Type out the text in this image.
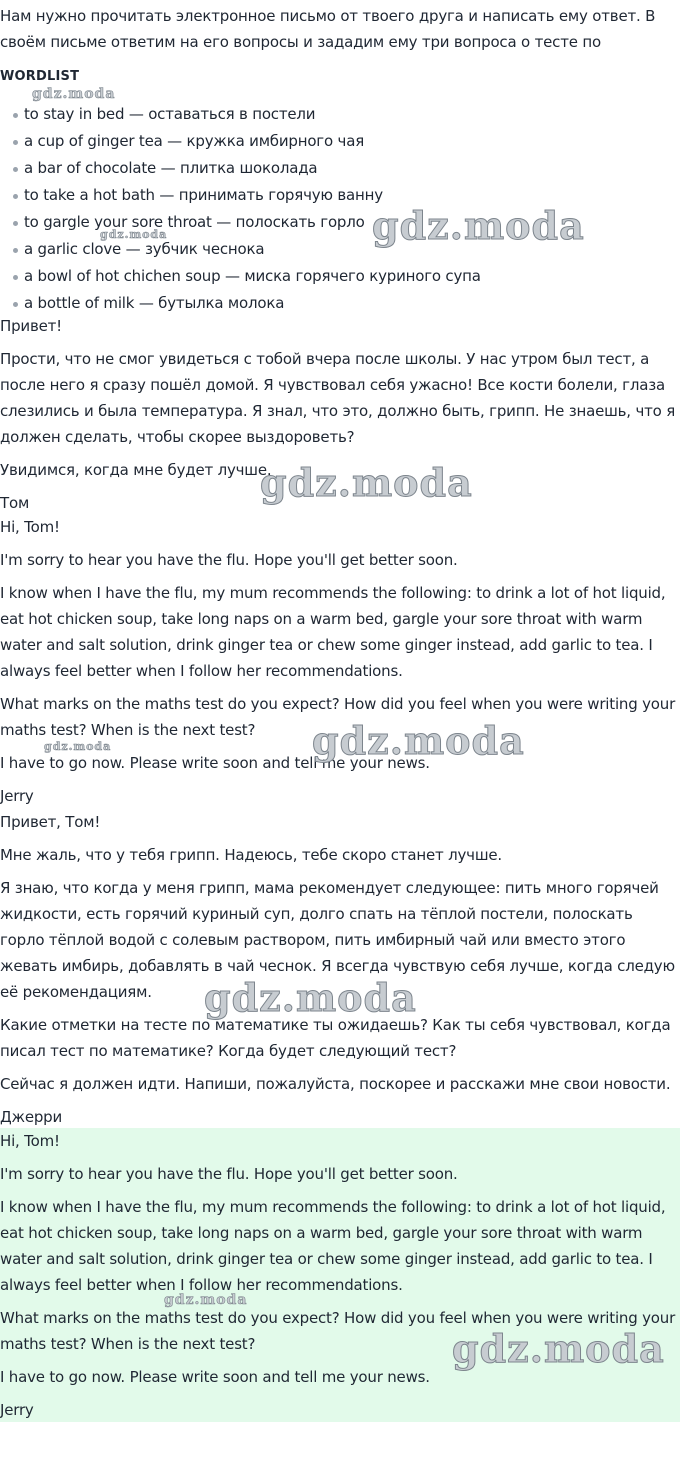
Нам нужно прочитать электронное письмо от твоего друга и написать ему ответ. В своём письме ответим на его вопросы и зададим ему три вопроса о тесте по

WORDLIST

to stay in bed — оставаться в постели
a cup of ginger tea — кружка имбирного чая
a bar of chocolate — плитка шоколада
to take a hot bath — принимать горячую ванну
to gargle your sore throat — полоскать горло
a garlic clove — зубчик чеснока
a bowl of hot chichen soup — миска горячего куриного супа
a bottle of milk — бутылка молока

Привет!

Прости, что не смог увидеться с тобой вчера после школы. У нас утром был тест, а после него я сразу пошёл домой. Я чувствовал себя ужасно! Все кости болели, глаза слезились и была температура. Я знал, что это, должно быть, грипп. Не знаешь, что я должен сделать, чтобы скорее выздороветь?

Увидимся, когда мне будет лучше.

Том

Hi, Tom!

I'm sorry to hear you have the flu. Hope you'll get better soon.

I know when I have the flu, my mum recommends the following: to drink a lot of hot liquid, eat hot chicken soup, take long naps on a warm bed, gargle your sore throat with warm water and salt solution, drink ginger tea or chew some ginger instead, add garlic to tea. I always feel better when I follow her recommendations.

What marks on the maths test do you expect? How did you feel when you were writing your maths test? When is the next test?

I have to go now. Please write soon and tell me your news.

Jerry

Привет, Том!

Мне жаль, что у тебя грипп. Надеюсь, тебе скоро станет лучше.

Я знаю, что когда у меня грипп, мама рекомендует следующее: пить много горячей жидкости, есть горячий куриный суп, долго спать на тёплой постели, полоскать горло тёплой водой с солевым раствором, пить имбирный чай или вместо этого жевать имбирь, добавлять в чай чеснок. Я всегда чувствую себя лучше, когда следую её рекомендациям.

Какие отметки на тесте по математике ты ожидаешь? Как ты себя чувствовал, когда писал тест по математике? Когда будет следующий тест?

Сейчас я должен идти. Напиши, пожалуйста, поскорее и расскажи мне свои новости.

Джерри

Hi, Tom!

I'm sorry to hear you have the flu. Hope you'll get better soon.

I know when I have the flu, my mum recommends the following: to drink a lot of hot liquid, eat hot chicken soup, take long naps on a warm bed, gargle your sore throat with warm water and salt solution, drink ginger tea or chew some ginger instead, add garlic to tea. I always feel better when I follow her recommendations.

What marks on the maths test do you expect? How did you feel when you were writing your maths test? When is the next test?

I have to go now. Please write soon and tell me your news.

Jerry

gdz.moda
gdz.moda	gdz.moda
gdz.moda
gdz.moda	gdz.moda
gdz.moda
gdz.moda
gdz.moda
